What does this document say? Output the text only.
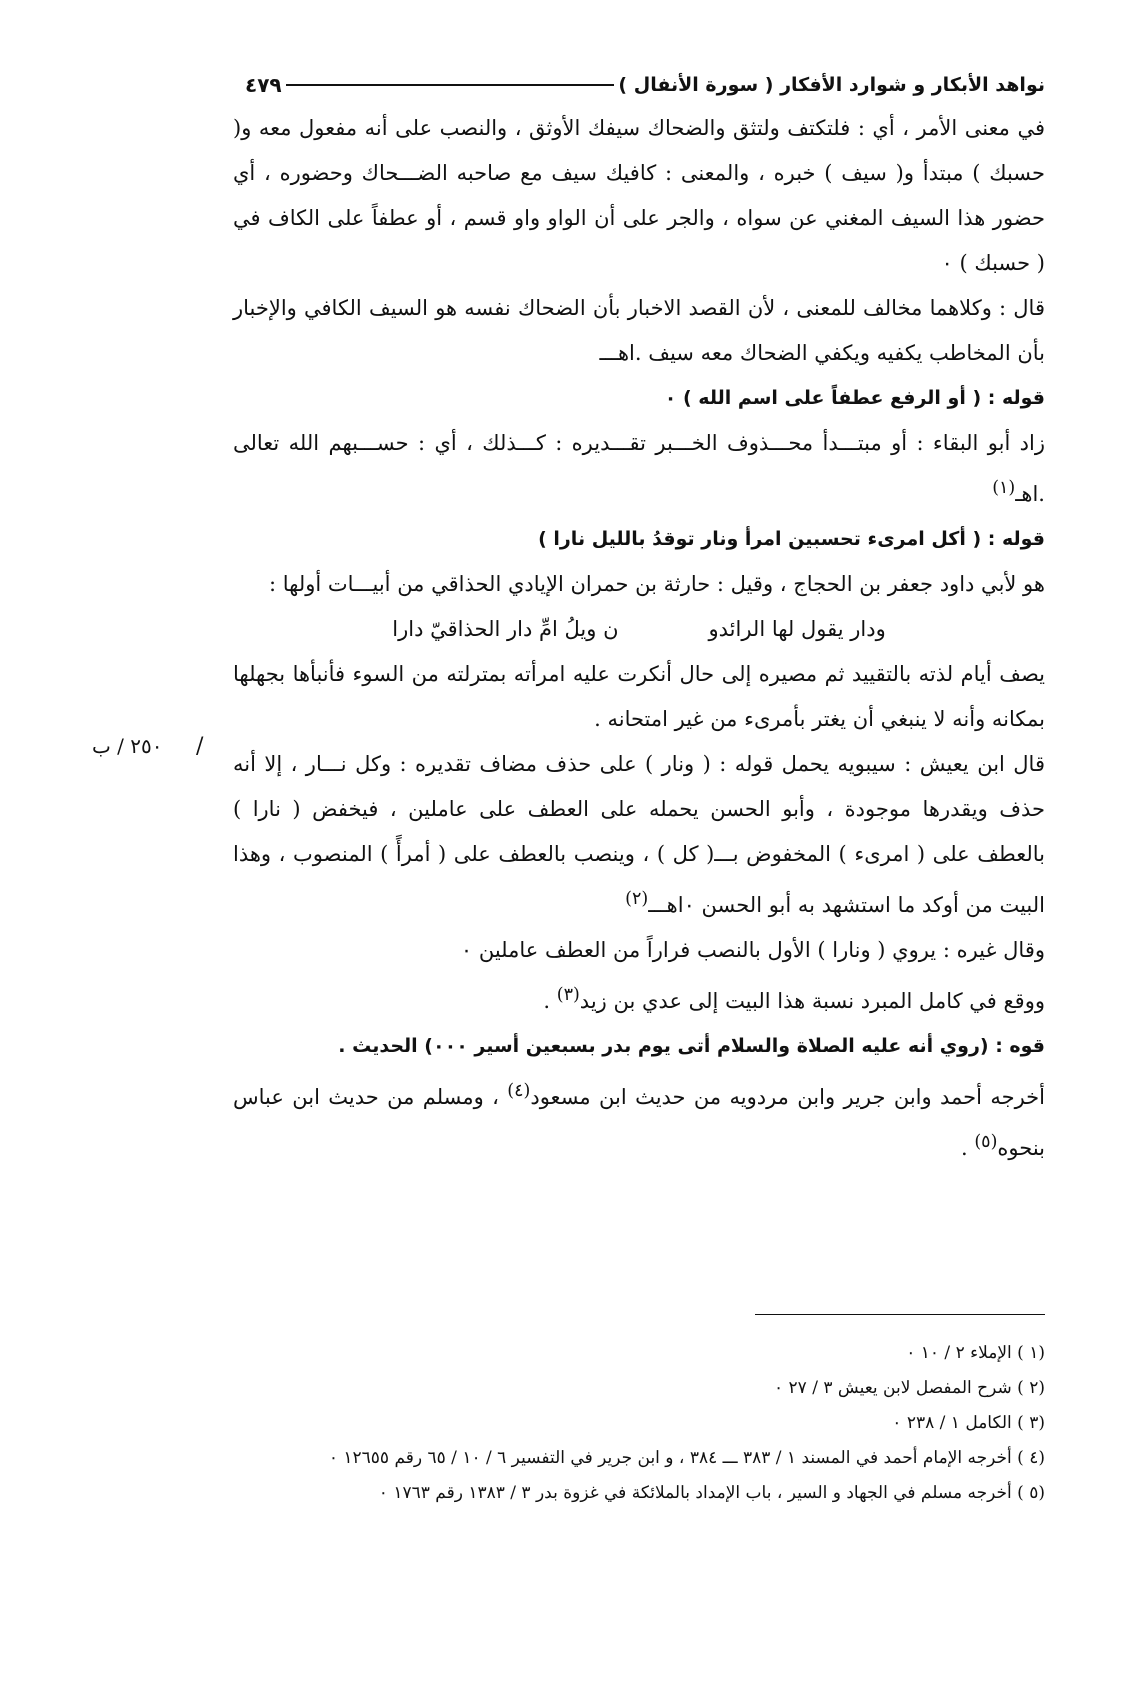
نواهد الأبكار و شوارد الأفكار ( سورة الأنفال )
٤٧٩
٢٥٠ / ب /

في معنى الأمر ، أي : فلتكتف ولتثق والضحاك سيفك الأوثق ، والنصب على أنه مفعول معه و( حسبك ) مبتدأ و( سيف ) خبره ، والمعنى : كافيك سيف مع صاحبه الضـــحاك وحضوره ، أي حضور هذا السيف المغني عن سواه ، والجر على أن الواو واو قسم ، أو عطفاً على الكاف في ( حسبك ) ٠

قال : وكلاهما مخالف للمعنى ، لأن القصد الاخبار بأن الضحاك نفسه هو السيف الكافي والإخبار بأن المخاطب يكفيه ويكفي الضحاك معه سيف .اهـــ

قوله : ( أو الرفع عطفاً على اسم الله ) ٠

زاد أبو البقاء : أو مبتـــدأ محـــذوف الخـــبر تقـــديره : كـــذلك ، أي : حســـبهم الله تعالى .اهـ$^{(١)}$

قوله : ( أكل امرىء تحسبين امرأ ونار توقدُ بالليل نارا )

هو لأبي داود جعفر بن الحجاج ، وقيل : حارثة بن حمران الإيادي الحذاقي من أبيـــات أولها :

ودار يقول لها الرائدو
ن ويلُ امِّ دار الحذاقيّ دارا

يصف أيام لذته بالتقييد ثم مصيره إلى حال أنكرت عليه امرأته بمترلته من السوء فأنبأها بجهلها بمكانه وأنه لا ينبغي أن يغتر بأمرىء من غير امتحانه .

قال ابن يعيش : سيبويه يحمل قوله : ( ونار ) على حذف مضاف تقديره : وكل نـــار ، إلا أنه حذف ويقدرها موجودة ، وأبو الحسن يحمله على العطف على عاملين ، فيخفض ( نارا ) بالعطف على ( امرىء ) المخفوض بـــ( كل ) ، وينصب بالعطف على ( أمرأً ) المنصوب ، وهذا البيت من أوكد ما استشهد به أبو الحسن ٠اهـــ$^{(٢)}$

وقال غيره : يروي ( ونارا ) الأول بالنصب فراراً من العطف عاملين ٠

ووقع في كامل المبرد نسبة هذا البيت إلى عدي بن زيد$^{(٣)}$ .

قوه : (روي أنه عليه الصلاة والسلام أتى يوم بدر بسبعين أسير ٠٠٠) الحديث .

أخرجه أحمد وابن جرير وابن مردويه من حديث ابن مسعود$^{(٤)}$ ، ومسلم من حديث ابن عباس بنحوه$^{(٥)}$ .

(١ ) الإملاء ٢ / ١٠ ٠
(٢ ) شرح المفصل لابن يعيش ٣ / ٢٧ ٠
(٣ ) الكامل ١ / ٢٣٨ ٠
(٤ ) أخرجه الإمام أحمد في المسند ١ / ٣٨٣ ـــ ٣٨٤ ، و ابن جرير في التفسير ٦ / ١٠ / ٦٥ رقم ١٢٦٥٥ ٠
(٥ ) أخرجه مسلم في الجهاد و السير ، باب الإمداد بالملائكة في غزوة بدر ٣ / ١٣٨٣ رقم ١٧٦٣ ٠
